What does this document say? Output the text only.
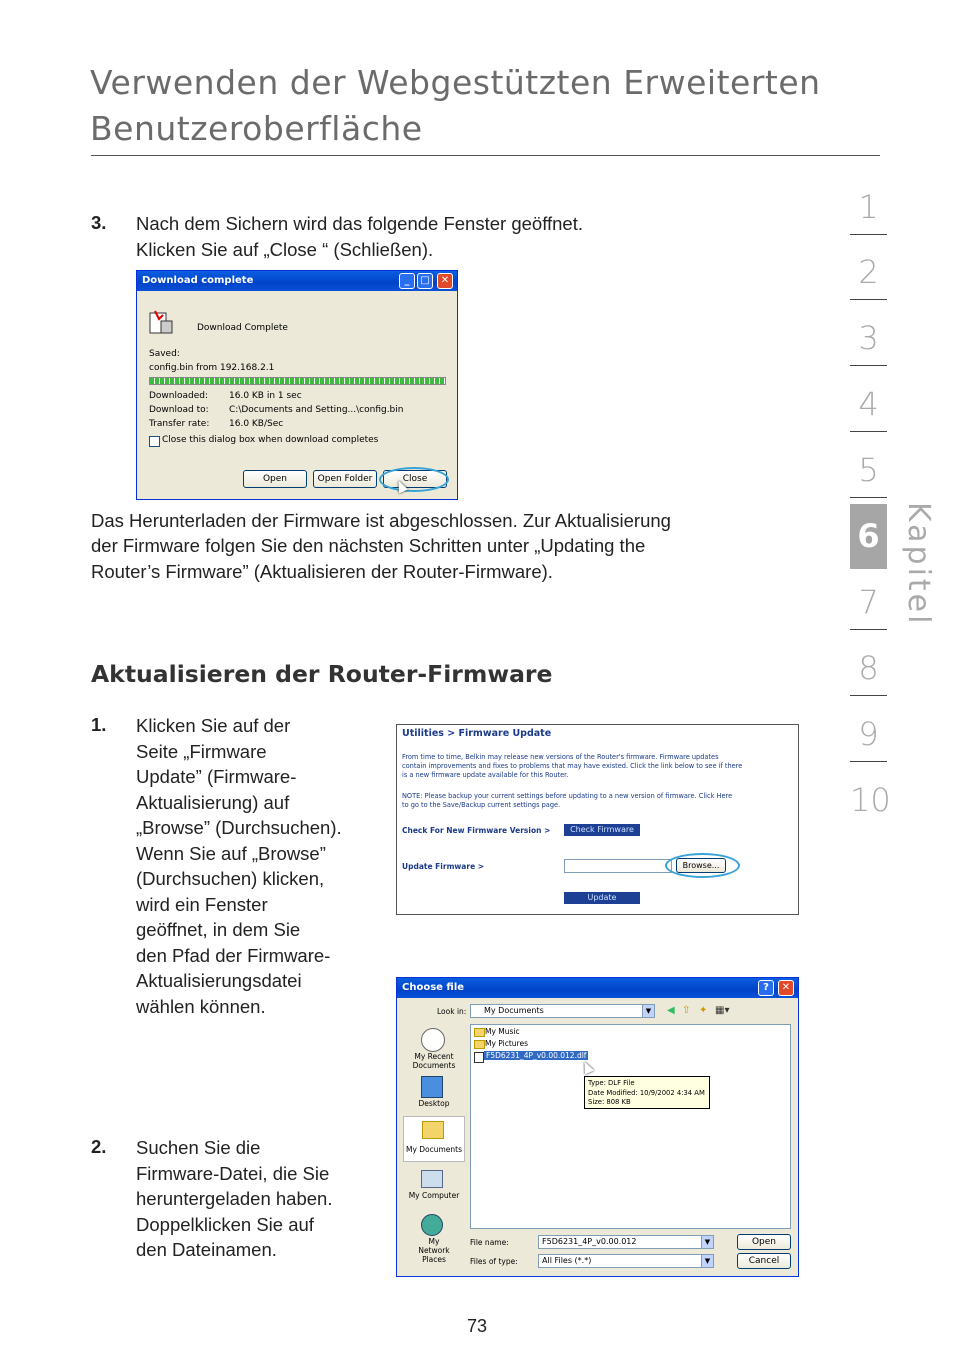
Verwenden der Webgestützten Erweiterten Benutzeroberfläche
1
2
3
4
5
6
7
8
9
10
Kapitel
3. Nach dem Sichern wird das folgende Fenster geöffnet.
Klicken Sie auf „Close “ (Schließen).
Download complete	_	□	✕
Download Complete
Saved:
config.bin from 192.168.2.1
Downloaded: 16.0 KB in 1 sec
Download to: C:\Documents and Setting...\config.bin
Transfer rate: 16.0 KB/Sec
Close this dialog box when download completes
Open	Open Folder	Close
Das Herunterladen der Firmware ist abgeschlossen. Zur Aktualisierung
der Firmware folgen Sie den nächsten Schritten unter „Updating the
Router’s Firmware” (Aktualisieren der Router-Firmware).
Aktualisieren der Router-Firmware
1. Klicken Sie auf der
Seite „Firmware
Update” (Firmware-
Aktualisierung) auf
„Browse” (Durchsuchen).
Wenn Sie auf „Browse”
(Durchsuchen) klicken,
wird ein Fenster
geöffnet, in dem Sie
den Pfad der Firmware-
Aktualisierungsdatei
wählen können.
Utilities > Firmware Update
From time to time, Belkin may release new versions of the Router's firmware. Firmware updates
contain improvements and fixes to problems that may have existed. Click the link below to see if there
is a new firmware update available for this Router.
NOTE: Please backup your current settings before updating to a new version of firmware. Click Here
to go to the Save/Backup current settings page.
Check For New Firmware Version >	Check Firmware
Update Firmware >	Browse...
Update
Choose file	?	✕
Look in:	My Documents	▼ ◀ ⇧ ✦ ▦▾
My Recent Documents
Desktop
My Documents
My Computer
My Network Places
My Music
My Pictures
F5D6231_4P_v0.00.012.dlf
Type: DLF File
Date Modified: 10/9/2002 4:34 AM
Size: 808 KB
File name:	F5D6231_4P_v0.00.012	▼
Files of type:	All Files (*.*)	▼
Open
Cancel
2. Suchen Sie die
Firmware-Datei, die Sie
heruntergeladen haben.
Doppelklicken Sie auf
den Dateinamen.
73
